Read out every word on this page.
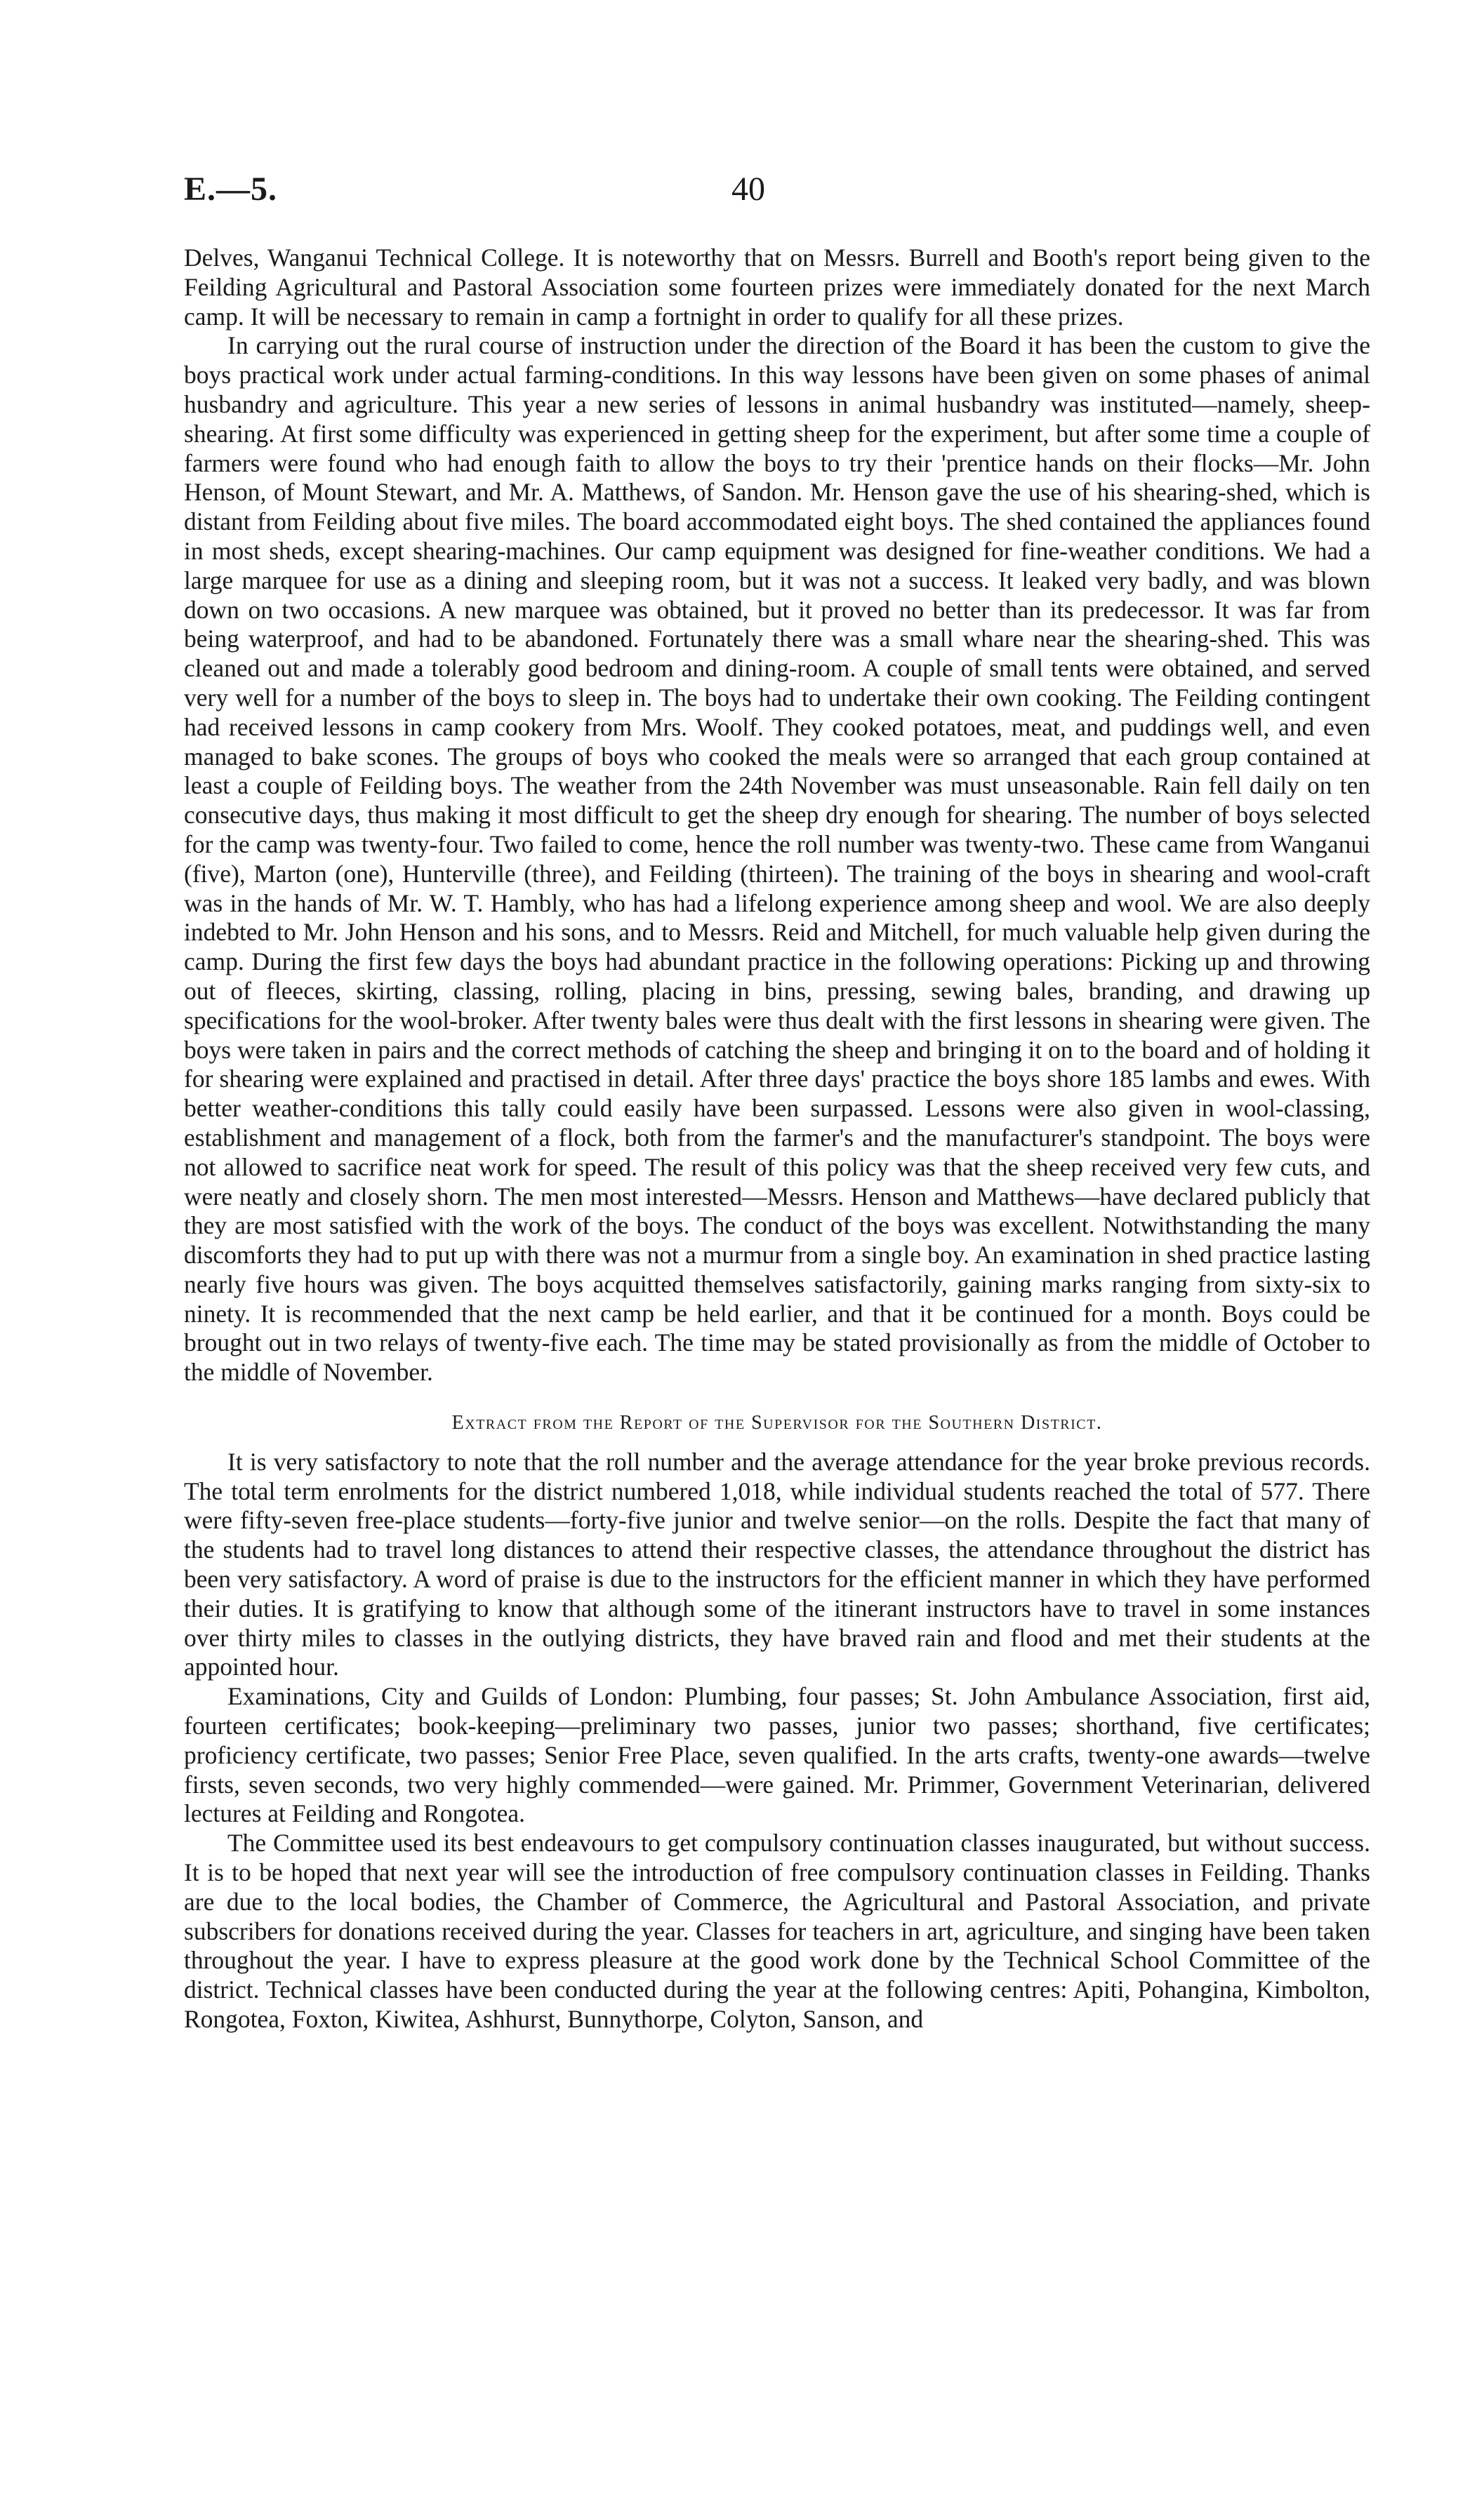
E.—5.	40

Delves, Wanganui Technical College. It is noteworthy that on Messrs. Burrell and Booth's report being given to the Feilding Agricultural and Pastoral Association some fourteen prizes were immediately donated for the next March camp. It will be necessary to remain in camp a fortnight in order to qualify for all these prizes.

In carrying out the rural course of instruction under the direction of the Board it has been the custom to give the boys practical work under actual farming-conditions. In this way lessons have been given on some phases of animal husbandry and agriculture. This year a new series of lessons in animal husbandry was instituted—namely, sheep-shearing. At first some difficulty was experienced in getting sheep for the experiment, but after some time a couple of farmers were found who had enough faith to allow the boys to try their 'prentice hands on their flocks—Mr. John Henson, of Mount Stewart, and Mr. A. Matthews, of Sandon. Mr. Henson gave the use of his shearing-shed, which is distant from Feilding about five miles. The board accommodated eight boys. The shed contained the appliances found in most sheds, except shearing-machines. Our camp equipment was designed for fine-weather conditions. We had a large marquee for use as a dining and sleeping room, but it was not a success. It leaked very badly, and was blown down on two occasions. A new marquee was obtained, but it proved no better than its predecessor. It was far from being waterproof, and had to be abandoned. Fortunately there was a small whare near the shearing-shed. This was cleaned out and made a tolerably good bedroom and dining-room. A couple of small tents were obtained, and served very well for a number of the boys to sleep in. The boys had to undertake their own cooking. The Feilding contingent had received lessons in camp cookery from Mrs. Woolf. They cooked potatoes, meat, and puddings well, and even managed to bake scones. The groups of boys who cooked the meals were so arranged that each group contained at least a couple of Feilding boys. The weather from the 24th November was must unseasonable. Rain fell daily on ten consecutive days, thus making it most difficult to get the sheep dry enough for shearing. The number of boys selected for the camp was twenty-four. Two failed to come, hence the roll number was twenty-two. These came from Wanganui (five), Marton (one), Hunterville (three), and Feilding (thirteen). The training of the boys in shearing and wool-craft was in the hands of Mr. W. T. Hambly, who has had a lifelong experience among sheep and wool. We are also deeply indebted to Mr. John Henson and his sons, and to Messrs. Reid and Mitchell, for much valuable help given during the camp. During the first few days the boys had abundant practice in the following operations: Picking up and throwing out of fleeces, skirting, classing, rolling, placing in bins, pressing, sewing bales, branding, and drawing up specifications for the wool-broker. After twenty bales were thus dealt with the first lessons in shearing were given. The boys were taken in pairs and the correct methods of catching the sheep and bringing it on to the board and of holding it for shearing were explained and practised in detail. After three days' practice the boys shore 185 lambs and ewes. With better weather-conditions this tally could easily have been surpassed. Lessons were also given in wool-classing, establishment and management of a flock, both from the farmer's and the manufacturer's standpoint. The boys were not allowed to sacrifice neat work for speed. The result of this policy was that the sheep received very few cuts, and were neatly and closely shorn. The men most interested—Messrs. Henson and Matthews—have declared publicly that they are most satisfied with the work of the boys. The conduct of the boys was excellent. Notwithstanding the many discomforts they had to put up with there was not a murmur from a single boy. An examination in shed practice lasting nearly five hours was given. The boys acquitted themselves satisfactorily, gaining marks ranging from sixty-six to ninety. It is recommended that the next camp be held earlier, and that it be continued for a month. Boys could be brought out in two relays of twenty-five each. The time may be stated provisionally as from the middle of October to the middle of November.

Extract from the Report of the Supervisor for the Southern District.

It is very satisfactory to note that the roll number and the average attendance for the year broke previous records. The total term enrolments for the district numbered 1,018, while individual students reached the total of 577. There were fifty-seven free-place students—forty-five junior and twelve senior—on the rolls. Despite the fact that many of the students had to travel long distances to attend their respective classes, the attendance throughout the district has been very satisfactory. A word of praise is due to the instructors for the efficient manner in which they have performed their duties. It is gratifying to know that although some of the itinerant instructors have to travel in some instances over thirty miles to classes in the outlying districts, they have braved rain and flood and met their students at the appointed hour.

Examinations, City and Guilds of London: Plumbing, four passes; St. John Ambulance Association, first aid, fourteen certificates; book-keeping—preliminary two passes, junior two passes; shorthand, five certificates; proficiency certificate, two passes; Senior Free Place, seven qualified. In the arts crafts, twenty-one awards—twelve firsts, seven seconds, two very highly commended—were gained. Mr. Primmer, Government Veterinarian, delivered lectures at Feilding and Rongotea.

The Committee used its best endeavours to get compulsory continuation classes inaugurated, but without success. It is to be hoped that next year will see the introduction of free compulsory continuation classes in Feilding. Thanks are due to the local bodies, the Chamber of Commerce, the Agricultural and Pastoral Association, and private subscribers for donations received during the year. Classes for teachers in art, agriculture, and singing have been taken throughout the year. I have to express pleasure at the good work done by the Technical School Committee of the district. Technical classes have been conducted during the year at the following centres: Apiti, Pohangina, Kimbolton, Rongotea, Foxton, Kiwitea, Ashhurst, Bunnythorpe, Colyton, Sanson, and
